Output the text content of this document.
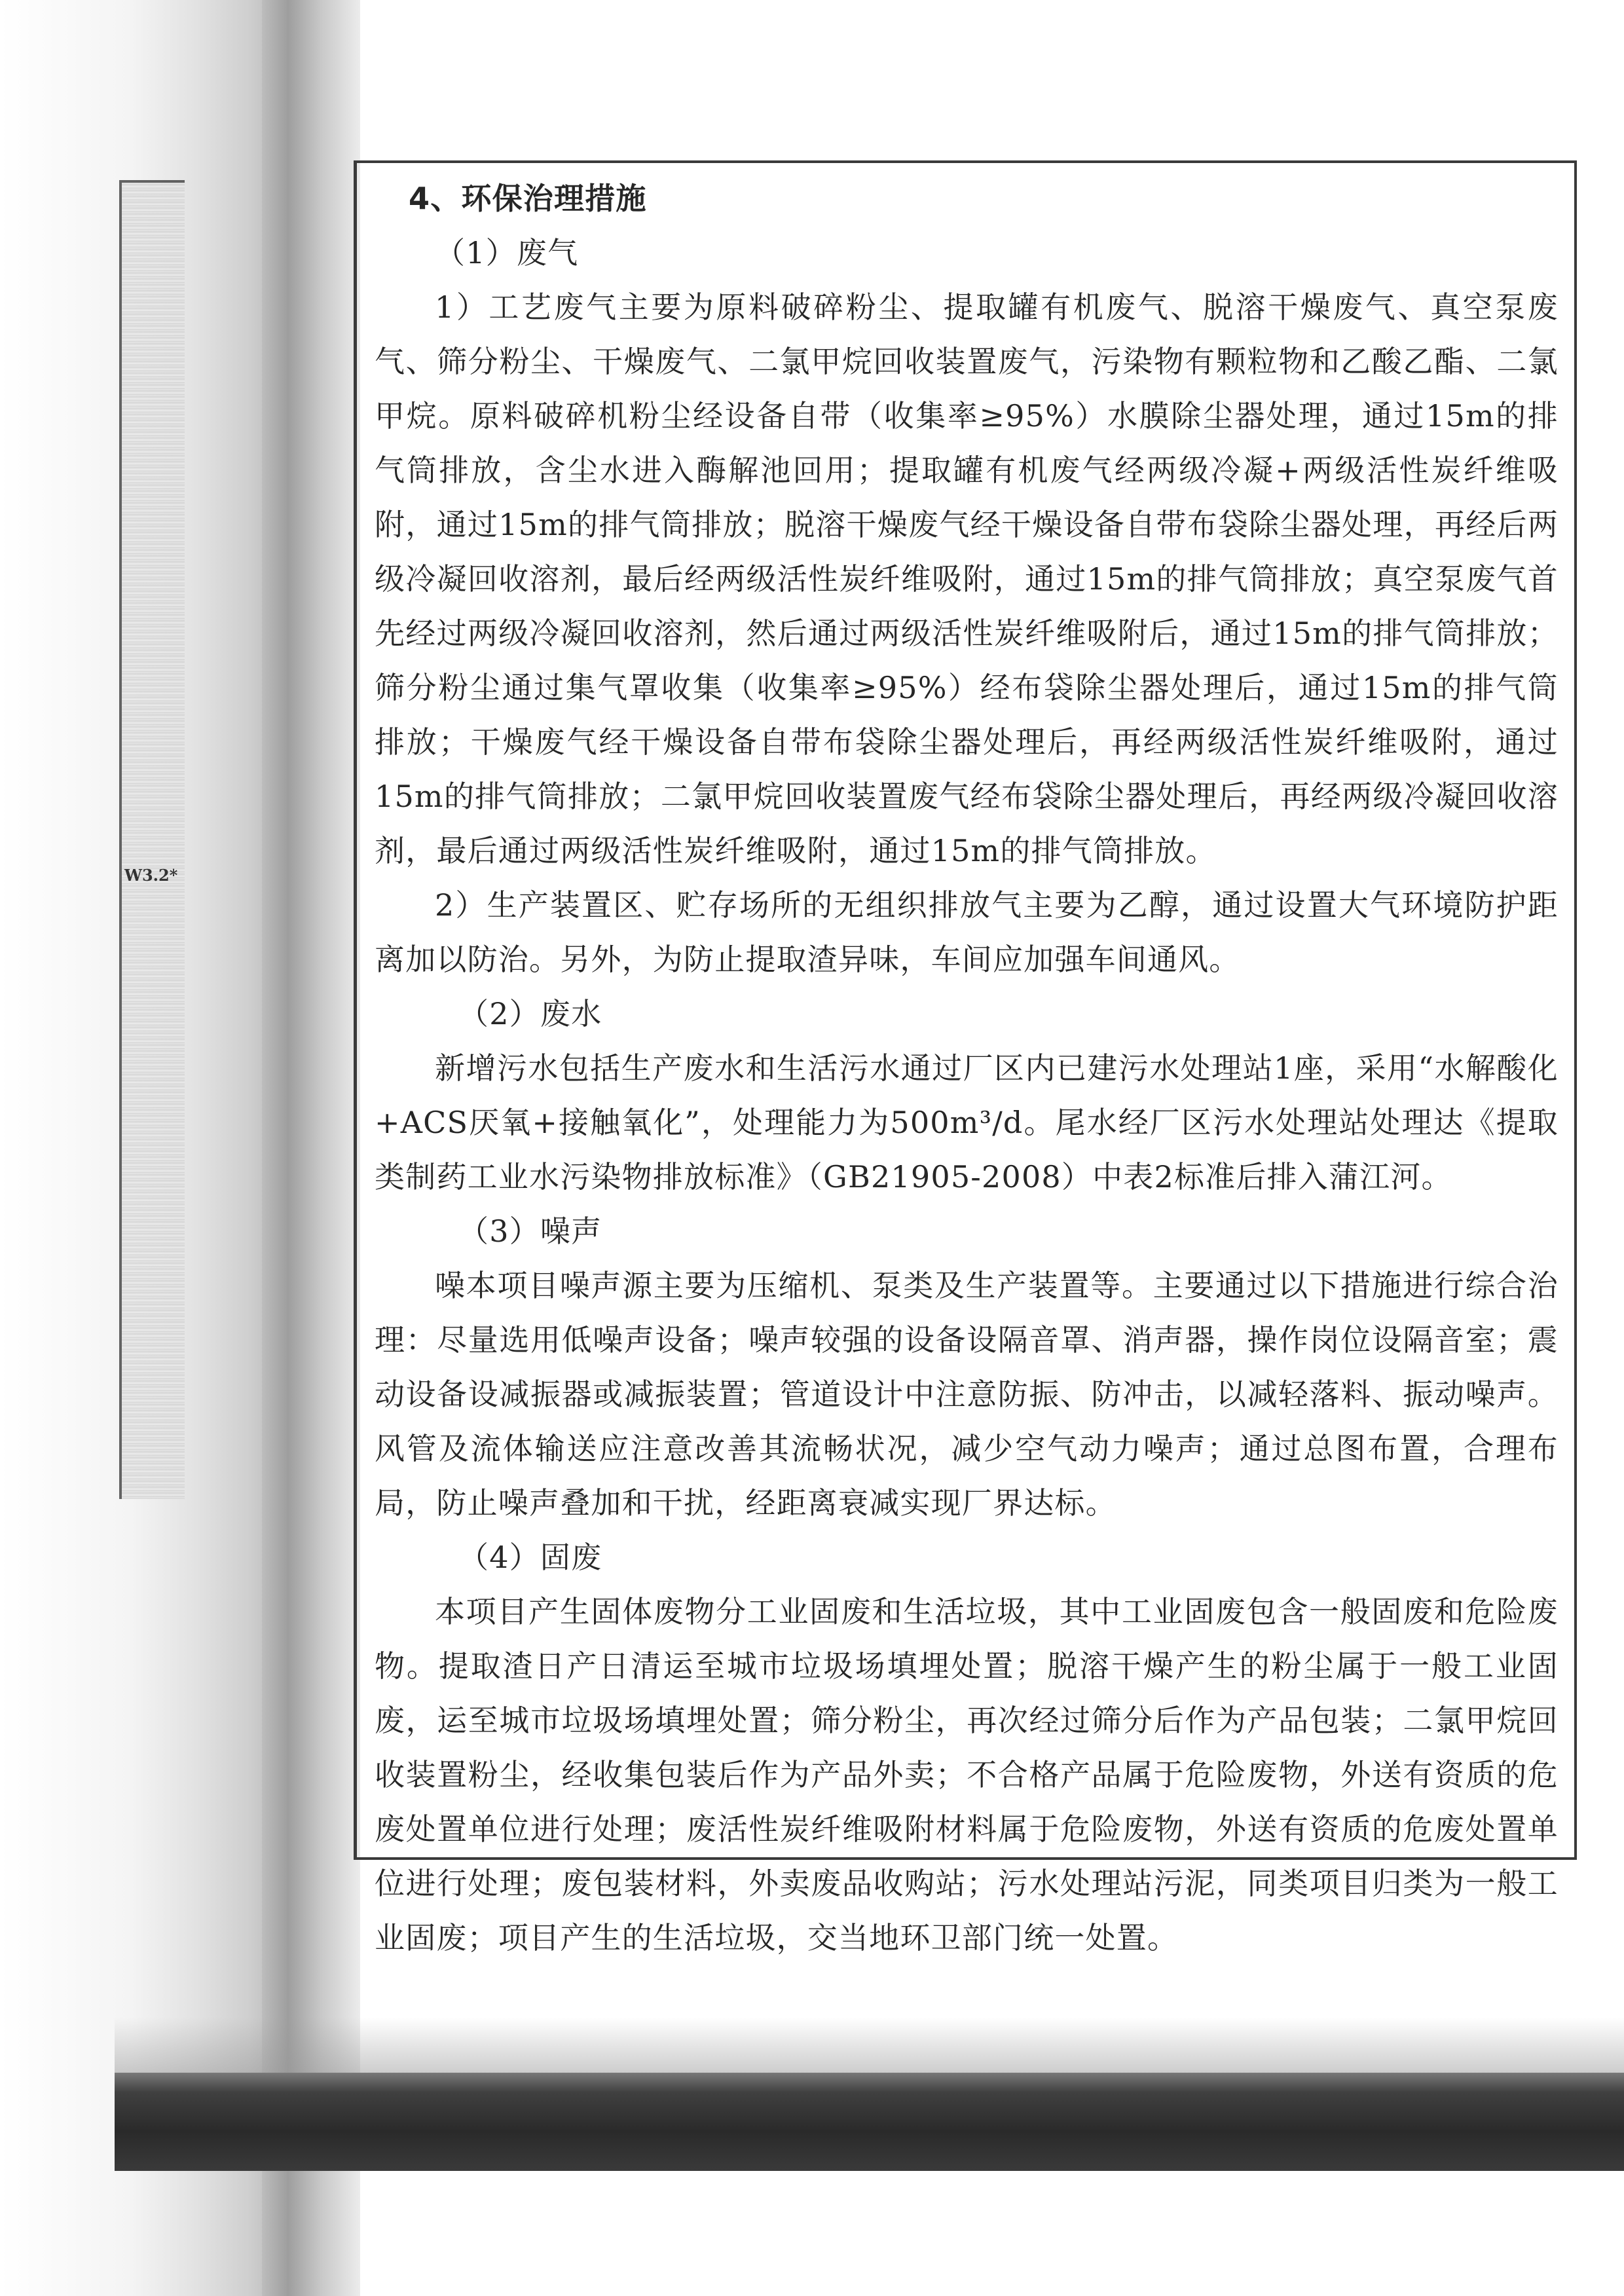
W3.2*

4、环保治理措施

（1）废气

1）工艺废气主要为原料破碎粉尘、提取罐有机废气、脱溶干燥废气、真空泵废气、筛分粉尘、干燥废气、二氯甲烷回收装置废气，污染物有颗粒物和乙酸乙酯、二氯甲烷。原料破碎机粉尘经设备自带（收集率≥95%）水膜除尘器处理，通过15m的排气筒排放，含尘水进入酶解池回用；提取罐有机废气经两级冷凝+两级活性炭纤维吸附，通过15m的排气筒排放；脱溶干燥废气经干燥设备自带布袋除尘器处理，再经后两级冷凝回收溶剂，最后经两级活性炭纤维吸附，通过15m的排气筒排放；真空泵废气首先经过两级冷凝回收溶剂，然后通过两级活性炭纤维吸附后，通过15m的排气筒排放；筛分粉尘通过集气罩收集（收集率≥95%）经布袋除尘器处理后，通过15m的排气筒排放；干燥废气经干燥设备自带布袋除尘器处理后，再经两级活性炭纤维吸附，通过15m的排气筒排放；二氯甲烷回收装置废气经布袋除尘器处理后，再经两级冷凝回收溶剂，最后通过两级活性炭纤维吸附，通过15m的排气筒排放。

2）生产装置区、贮存场所的无组织排放气主要为乙醇，通过设置大气环境防护距离加以防治。另外，为防止提取渣异味，车间应加强车间通风。

（2）废水

新增污水包括生产废水和生活污水通过厂区内已建污水处理站1座，采用“水解酸化+ACS厌氧+接触氧化”，处理能力为500m³/d。尾水经厂区污水处理站处理达《提取类制药工业水污染物排放标准》（GB21905-2008）中表2标准后排入蒲江河。

（3）噪声

噪本项目噪声源主要为压缩机、泵类及生产装置等。主要通过以下措施进行综合治理：尽量选用低噪声设备；噪声较强的设备设隔音罩、消声器，操作岗位设隔音室；震动设备设减振器或减振装置；管道设计中注意防振、防冲击，以减轻落料、振动噪声。风管及流体输送应注意改善其流畅状况，减少空气动力噪声；通过总图布置，合理布局，防止噪声叠加和干扰，经距离衰减实现厂界达标。

（4）固废

本项目产生固体废物分工业固废和生活垃圾，其中工业固废包含一般固废和危险废物。提取渣日产日清运至城市垃圾场填埋处置；脱溶干燥产生的粉尘属于一般工业固废，运至城市垃圾场填埋处置；筛分粉尘，再次经过筛分后作为产品包装；二氯甲烷回收装置粉尘，经收集包装后作为产品外卖；不合格产品属于危险废物，外送有资质的危废处置单位进行处理；废活性炭纤维吸附材料属于危险废物，外送有资质的危废处置单位进行处理；废包装材料，外卖废品收购站；污水处理站污泥，同类项目归类为一般工业固废；项目产生的生活垃圾，交当地环卫部门统一处置。
